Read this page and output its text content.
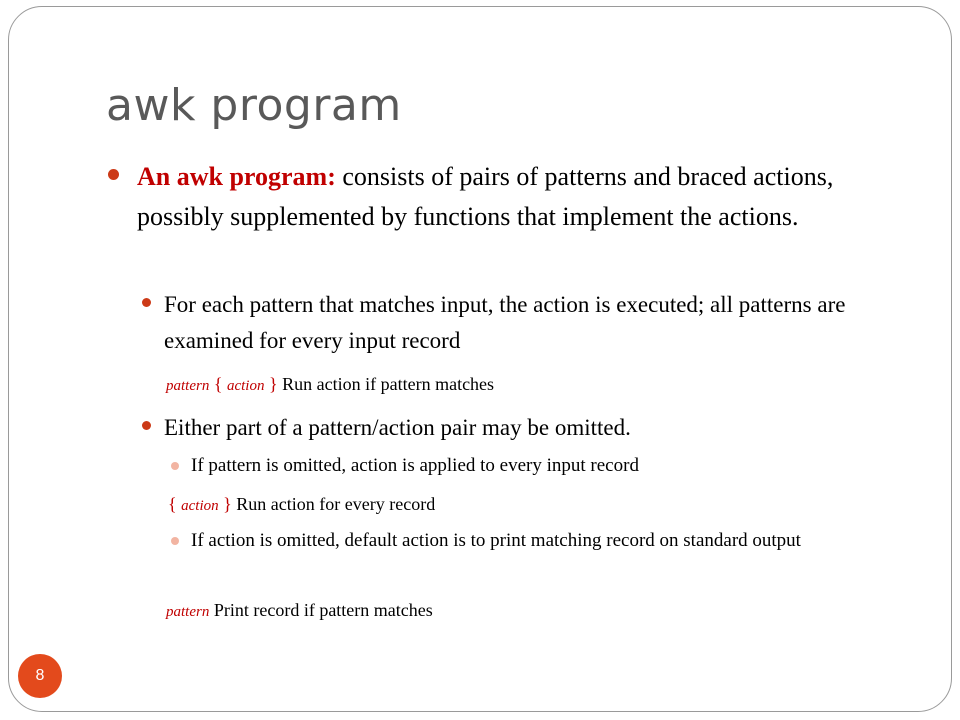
awk program

An awk program: consists of pairs of patterns and braced actions, possibly supplemented by functions that implement the actions.

For each pattern that matches input, the action is executed; all patterns are examined for every input record

pattern { action } Run action if pattern matches

Either part of a pattern/action pair may be omitted.

If pattern is omitted, action is applied to every input record

{ action } Run action for every record

If action is omitted, default action is to print matching record on standard output

pattern Print record if pattern matches

8
